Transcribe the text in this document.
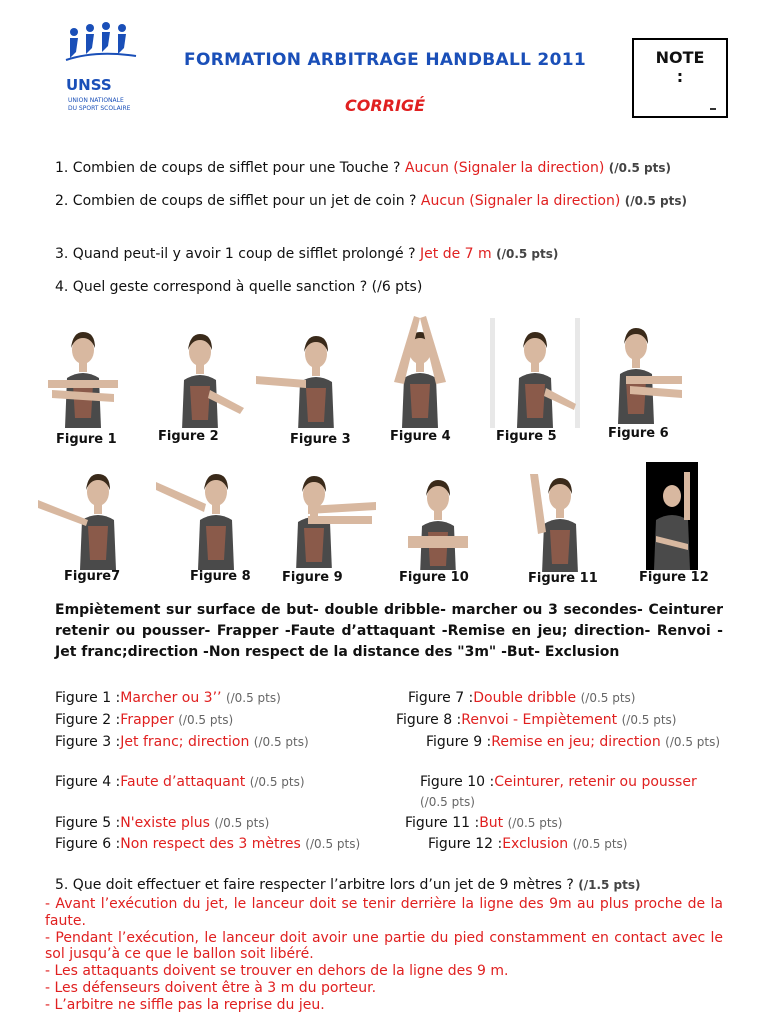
UNSS
UNION NATIONALE
DU SPORT SCOLAIRE
FORMATION ARBITRAGE HANDBALL 2011
CORRIGÉ
NOTE
:
1. Combien de coups de sifflet pour une Touche ? Aucun (Signaler la direction) (/0.5 pts)
2. Combien de coups de sifflet pour un jet de coin ? Aucun (Signaler la direction) (/0.5 pts)
3. Quand peut-il y avoir 1 coup de sifflet prolongé ? Jet de 7 m (/0.5 pts)
4. Quel geste correspond à quelle sanction ? (/6 pts)
Figure 1	Figure 2	Figure 3	Figure 4	Figure 5	Figure 6
Figure7	Figure 8 Figure 9	Figure 10	Figure 11	Figure 12
Empiètement sur surface de but- double dribble- marcher ou 3 secondes- Ceinturer retenir ou pousser- Frapper -Faute d’attaquant -Remise en jeu; direction- Renvoi -Jet franc;direction -Non respect de la distance des "3m" -But- Exclusion
Figure 1 :Marcher ou 3’’ (/0.5 pts)
Figure 2 :Frapper (/0.5 pts)
Figure 3 :Jet franc; direction (/0.5 pts)
Figure 4 :Faute d’attaquant (/0.5 pts)
Figure 5 :N'existe plus (/0.5 pts)
Figure 6 :Non respect des 3 mètres (/0.5 pts)
Figure 7 :Double dribble (/0.5 pts)
Figure 8 :Renvoi - Empiètement (/0.5 pts)
Figure 9 :Remise en jeu; direction (/0.5 pts)
Figure 10 :Ceinturer, retenir ou pousser (/0.5 pts)
Figure 11 :But (/0.5 pts)
Figure 12 :Exclusion (/0.5 pts)
5. Que doit effectuer et faire respecter l’arbitre lors d’un jet de 9 mètres ? (/1.5 pts)
- Avant l’exécution du jet, le lanceur doit se tenir derrière la ligne des 9m au plus proche de la faute.
- Pendant l’exécution, le lanceur doit avoir une partie du pied constamment en contact avec le sol jusqu’à ce que le ballon soit libéré.
- Les attaquants doivent se trouver en dehors de la ligne des 9 m.
- Les défenseurs doivent être à 3 m du porteur.
- L’arbitre ne siffle pas la reprise du jeu.
